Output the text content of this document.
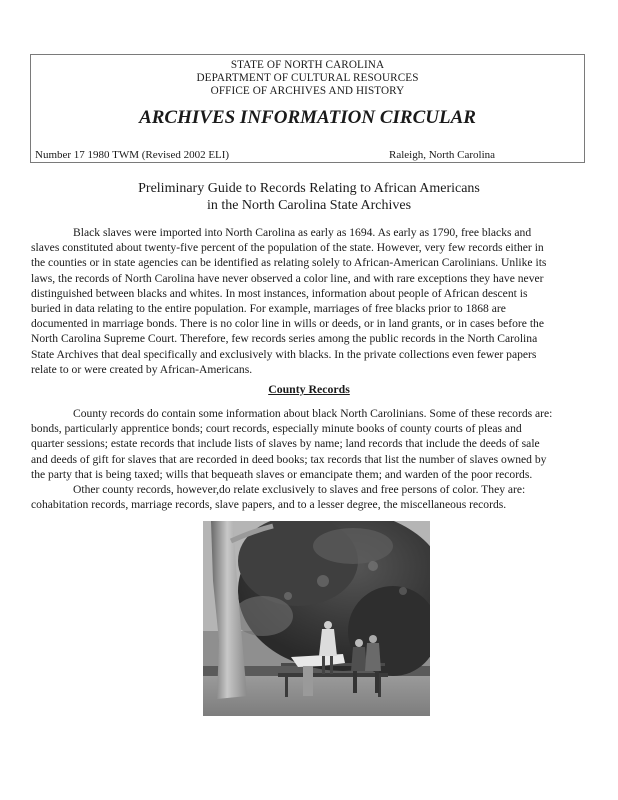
STATE OF NORTH CAROLINA
DEPARTMENT OF CULTURAL RESOURCES
OFFICE OF ARCHIVES AND HISTORY
ARCHIVES INFORMATION CIRCULAR
Number 17 1980 TWM (Revised 2002 ELI)	Raleigh, North Carolina
Preliminary Guide to Records Relating to African Americans
in the North Carolina State Archives
Black slaves were imported into North Carolina as early as 1694. As early as 1790, free blacks and
slaves constituted about twenty-five percent of the population of the state. However, very few records either in
the counties or in state agencies can be identified as relating solely to African-American Carolinians. Unlike its
laws, the records of North Carolina have never observed a color line, and with rare exceptions they have never
distinguished between blacks and whites. In most instances, information about people of African descent is
buried in data relating to the entire population. For example, marriages of free blacks prior to 1868 are
documented in marriage bonds. There is no color line in wills or deeds, or in land grants, or in cases before the
North Carolina Supreme Court. Therefore, few records series among the public records in the North Carolina
State Archives that deal specifically and exclusively with blacks. In the private collections even fewer papers
relate to or were created by African-Americans.
County Records
County records do contain some information about black North Carolinians. Some of these records are:
bonds, particularly apprentice bonds; court records, especially minute books of county courts of pleas and
quarter sessions; estate records that include lists of slaves by name; land records that include the deeds of sale
and deeds of gift for slaves that are recorded in deed books; tax records that list the number of slaves owned by
the party that is being taxed; wills that bequeath slaves or emancipate them; and warden of the poor records.
Other county records, however,do relate exclusively to slaves and free persons of color. They are:
cohabitation records, marriage records, slave papers, and to a lesser degree, the miscellaneous records.
